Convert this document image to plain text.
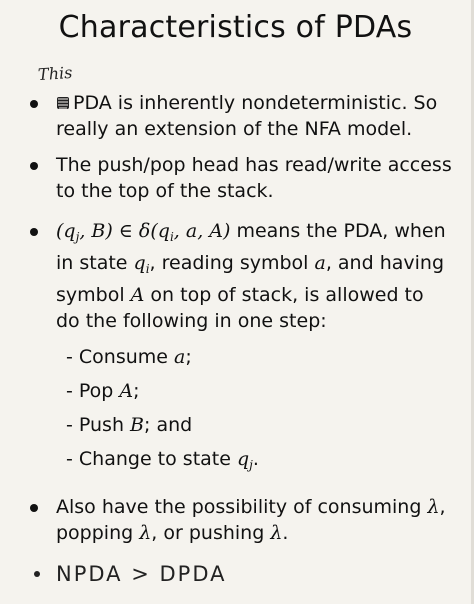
Characteristics of PDAs
This
PDA is inherently nondeterministic. So
really an extension of the NFA model.
The push/pop head has read/write access
to the top of the stack.
($q_j$, B) ∈ $\delta(q_i$, a, A) means the PDA, when
in state $q_i$, reading symbol a, and having
symbol A on top of stack, is allowed to
do the following in one step:
- Consume a;
- Pop A;
- Push B; and
- Change to state $q_j$.
Also have the possibility of consuming λ,
popping λ, or pushing λ.
NPDA > DPDA
